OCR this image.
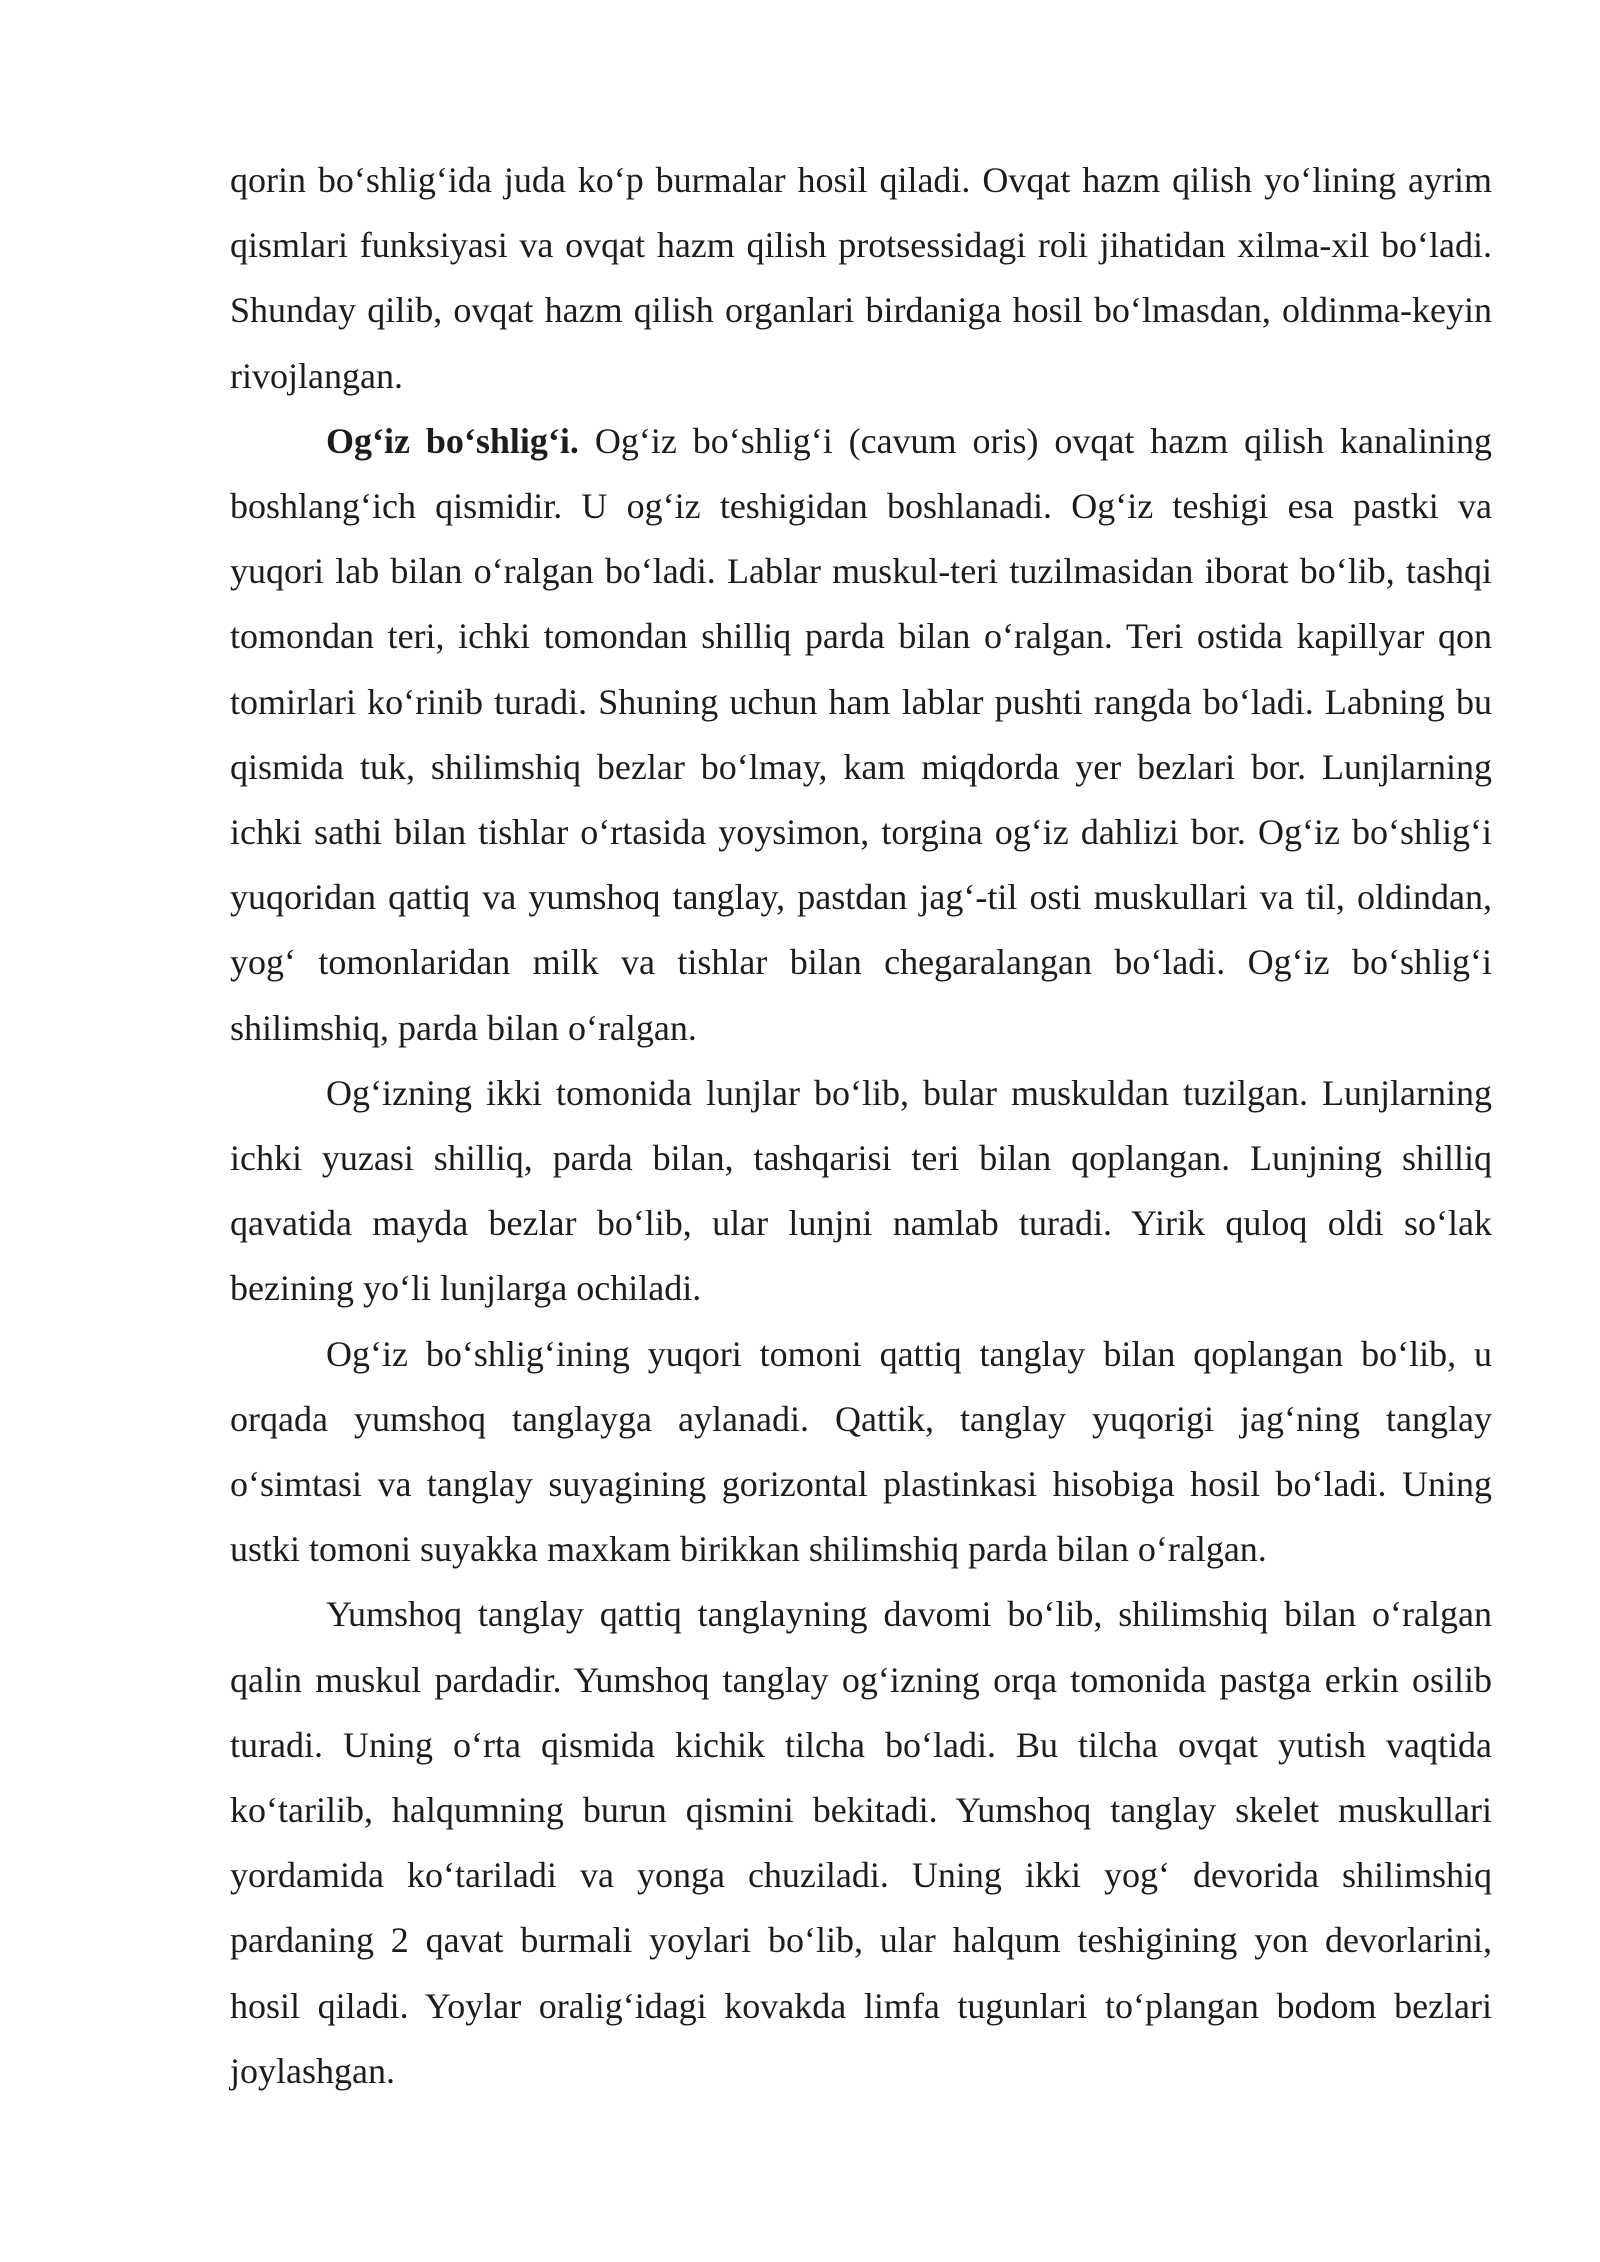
qorin bo‘shlig‘ida juda ko‘p burmalar hosil qiladi. Ovqat hazm qilish yo‘lining ayrim qismlari funksiyasi va ovqat hazm qilish protsessidagi roli jihatidan xilma-xil bo‘ladi. Shunday qilib, ovqat hazm qilish organlari birdaniga hosil bo‘lmasdan, oldinma-keyin rivojlangan.

Og‘iz bo‘shlig‘i. Og‘iz bo‘shlig‘i (cavum oris) ovqat hazm qilish kanalining boshlang‘ich qismidir. U og‘iz teshigidan boshlanadi. Og‘iz teshigi esa pastki va yuqori lab bilan o‘ralgan bo‘ladi. Lablar muskul-teri tuzilmasidan iborat bo‘lib, tashqi tomondan teri, ichki tomondan shilliq parda bilan o‘ralgan. Teri ostida kapillyar qon tomirlari ko‘rinib turadi. Shuning uchun ham lablar pushti rangda bo‘ladi. Labning bu qismida tuk, shilimshiq bezlar bo‘lmay, kam miqdorda yer bezlari bor. Lunjlarning ichki sathi bilan tishlar o‘rtasida yoysimon, torgina og‘iz dahlizi bor. Og‘iz bo‘shlig‘i yuqoridan qattiq va yumshoq tanglay, pastdan jag‘-til osti muskullari va til, oldindan, yog‘ tomonlaridan milk va tishlar bilan chegaralangan bo‘ladi. Og‘iz bo‘shlig‘i shilimshiq, parda bilan o‘ralgan.

Og‘izning ikki tomonida lunjlar bo‘lib, bular muskuldan tuzilgan. Lunjlarning ichki yuzasi shilliq, parda bilan, tashqarisi teri bilan qoplangan. Lunjning shilliq qavatida mayda bezlar bo‘lib, ular lunjni namlab turadi. Yirik quloq oldi so‘lak bezining yo‘li lunjlarga ochiladi.

Og‘iz bo‘shlig‘ining yuqori tomoni qattiq tanglay bilan qoplangan bo‘lib, u orqada yumshoq tanglayga aylanadi. Qattik, tanglay yuqorigi jag‘ning tanglay o‘simtasi va tanglay suyagining gorizontal plastinkasi hisobiga hosil bo‘ladi. Uning ustki tomoni suyakka maxkam birikkan shilimshiq parda bilan o‘ralgan.

Yumshoq tanglay qattiq tanglayning davomi bo‘lib, shilimshiq bilan o‘ralgan qalin muskul pardadir. Yumshoq tanglay og‘izning orqa tomonida pastga erkin osilib turadi. Uning o‘rta qismida kichik tilcha bo‘ladi. Bu tilcha ovqat yutish vaqtida ko‘tarilib, halqumning burun qismini bekitadi. Yumshoq tanglay skelet muskullari yordamida ko‘tariladi va yonga chuziladi. Uning ikki yog‘ devorida shilimshiq pardaning 2 qavat burmali yoylari bo‘lib, ular halqum teshigining yon devorlarini, hosil qiladi. Yoylar oralig‘idagi kovakda limfa tugunlari to‘plangan bodom bezlari joylashgan.
